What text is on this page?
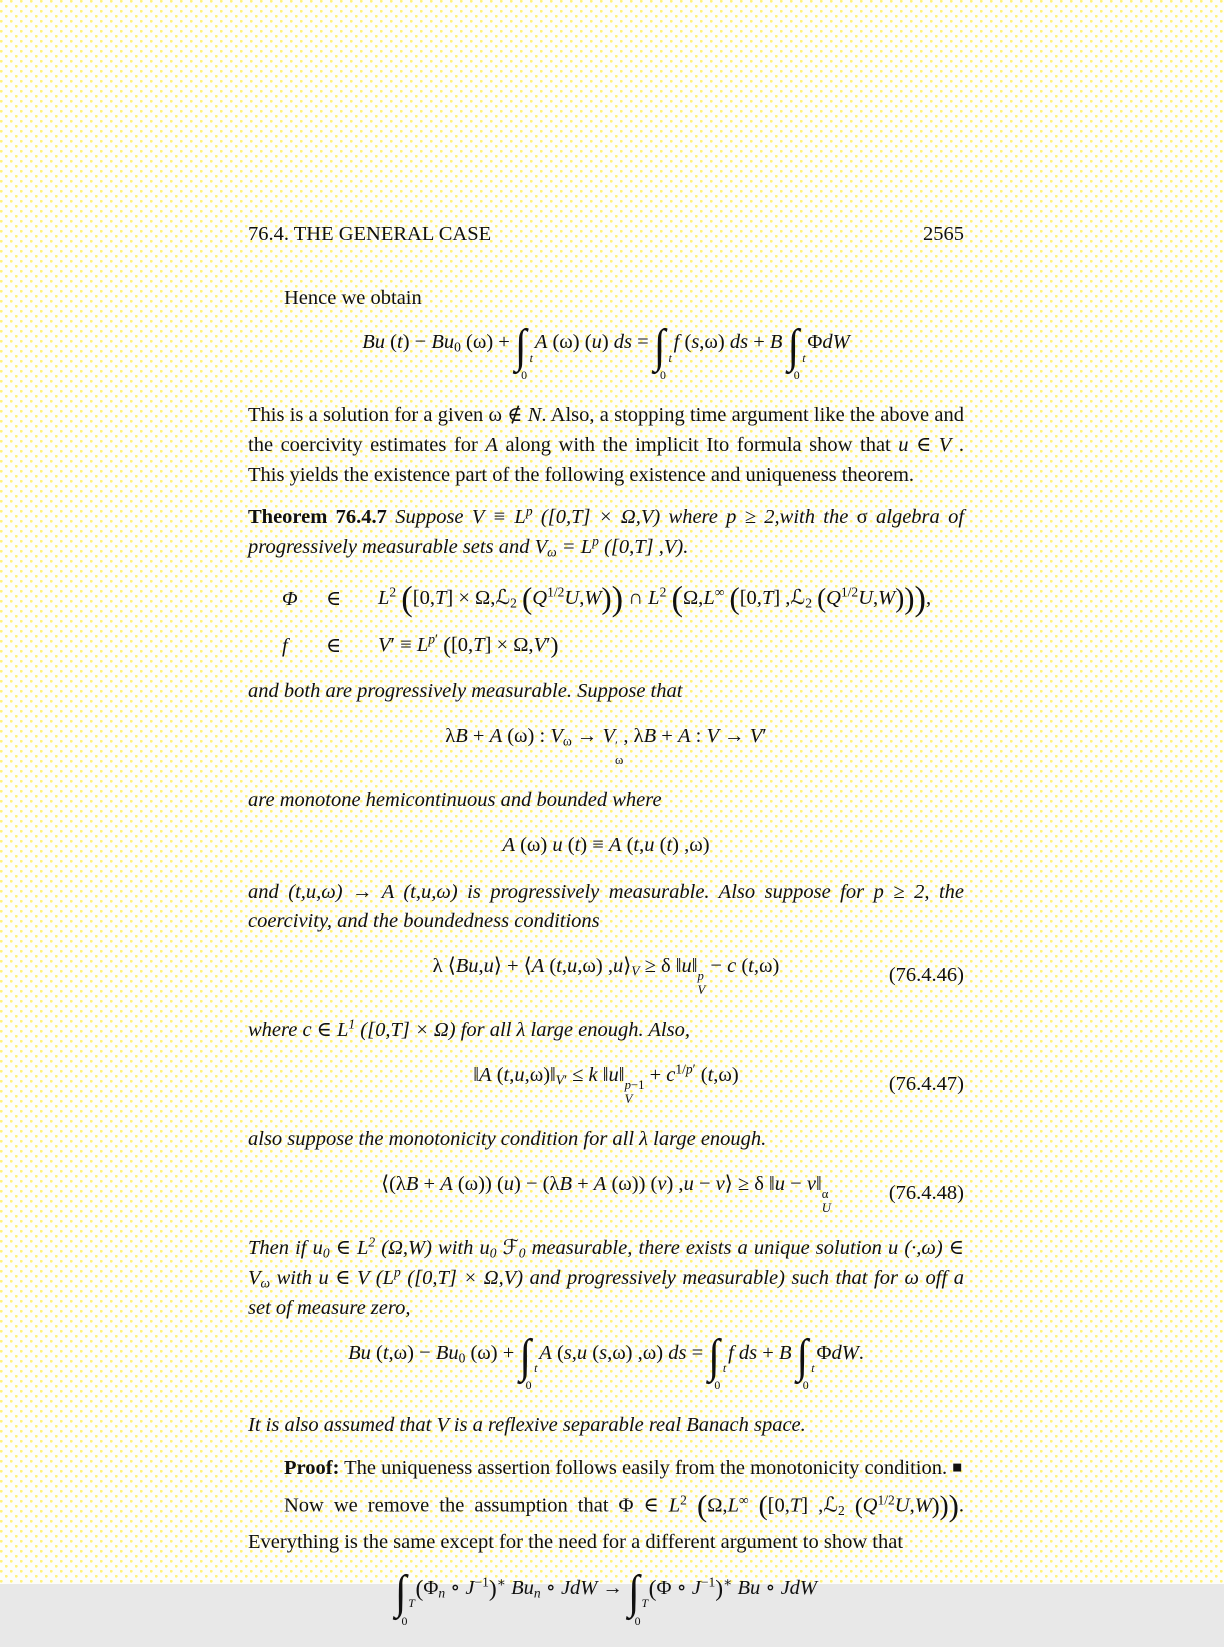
76.4. THE GENERAL CASE	2565

Hence we obtain

Bu $(t) - Bu_0$ (ω) + ∫ t
0
A (ω) (u) ds = ∫ t
0
f (s,ω) ds + B ∫ t
0
ΦdW

This is a solution for a given ω ∉ N. Also, a stopping time argument like the above and the coercivity estimates for A along with the implicit Ito formula show that u ∈ V . This yields the existence part of the following existence and uniqueness theorem.

Theorem 76.4.7 Suppose $V \equiv L^p$ ([0,T] × Ω,V) where p ≥ 2,with the σ algebra of progressively measurable sets and $V_\omega = L^p$ ([0,T] ,V).

Φ	∈	$L^2$ ([0,T] × Ω,ℒ$_2$ $(Q^{1/2}U,W)$) ∩ $L^2$ (Ω,L∞ ([0,T] ,ℒ$_2$ $(Q^{1/2}U,W)$)),
f	∈	$V' \equiv L^{p'}$ ([0,T] × Ω,V′)

and both are progressively measurable. Suppose that

λB + A (ω) : $V_\omega \to V$ ′
ω
, λB + A : V → V′

are monotone hemicontinuous and bounded where

A (ω) u (t) ≡ A (t,u (t) ,ω)

and (t,u,ω) → A (t,u,ω) is progressively measurable. Also suppose for p ≥ 2, the coercivity, and the boundedness conditions

λ ⟨Bu,u⟩ + ⟨A (t,u,ω) $,u⟩_V \ge \delta$ ‖u‖ p
V
− c (t,ω)	(76.4.46)

where c ∈ $L^1$ ([0,T] × Ω) for all λ large enough. Also,

‖A $(t,u,\omega)‖_{V'} \le k$ ‖u‖ p−1
V
+ $c^{1/p'}$ (t,ω)	(76.4.47)

also suppose the monotonicity condition for all λ large enough.

⟨(λB + A (ω)) (u) − (λB + A (ω)) (v) ,u − v⟩ ≥ δ ‖u − v‖ α
U
(76.4.48)

Then if $u_0$ ∈ $L^2$ (Ω,W) with $u_0$ ℱ$_0$ measurable, there exists a unique solution u (·,ω) ∈ $V_\omega$ with u ∈ V ($L^p$ ([0,T] × Ω,V) and progressively measurable) such that for ω off a set of measure zero,

Bu $(t,\omega) - Bu_0$ (ω) + ∫ t
0
A (s,u (s,ω) ,ω) ds = ∫ t
0
f ds + B ∫ t
0
ΦdW.

It is also assumed that V is a reflexive separable real Banach space.

Proof: The uniqueness assertion follows easily from the monotonicity condition. ■

Now we remove the assumption that Φ ∈ $L^2$ (Ω,L∞ ([0,T] ,ℒ$_2$ $(Q^{1/2}U,W)$)). Everything is the same except for the need for a different argument to show that

∫ T
0
($\Phi_n$ ∘ $J^{-1})^∗$ $Bu_n$ ∘ JdW → ∫ T
0
(Φ ∘ $J^{-1})^∗$ Bu ∘ JdW
